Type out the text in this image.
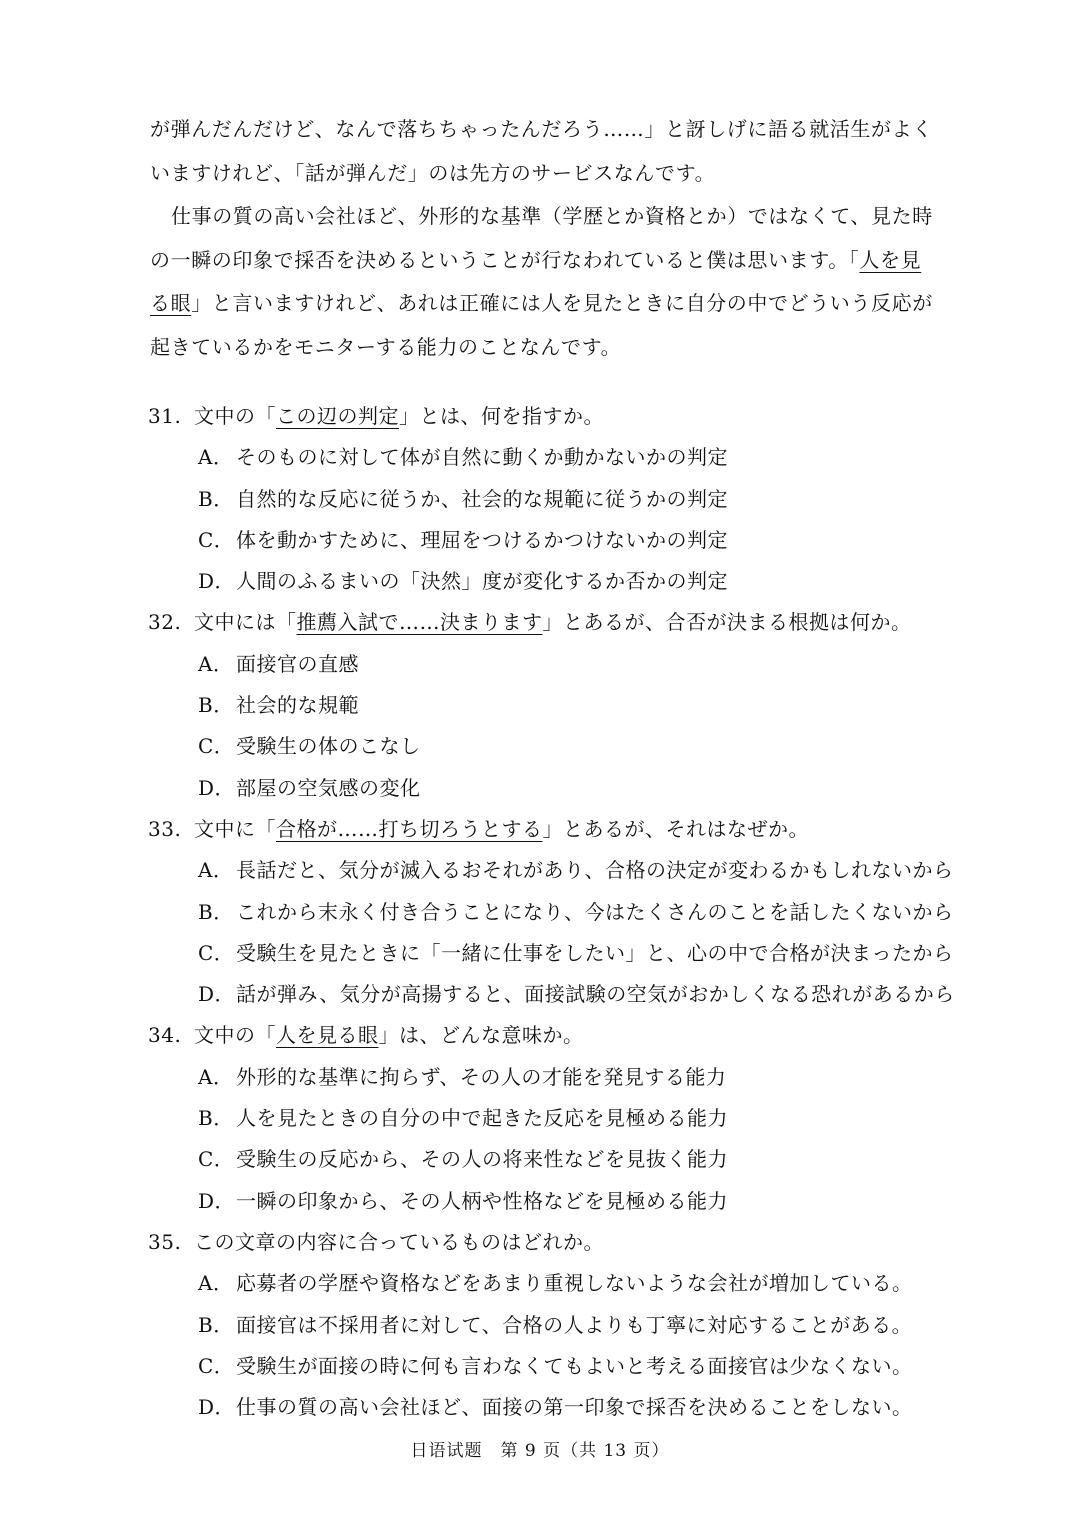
が弾んだんだけど、なんで落ちちゃったんだろう……」と訝しげに語る就活生がよく
いますけれど、「話が弾んだ」のは先方のサービスなんです。
仕事の質の高い会社ほど、外形的な基準（学歴とか資格とか）ではなくて、見た時
の一瞬の印象で採否を決めるということが行なわれていると僕は思います。「人を見
る眼」と言いますけれど、あれは正確には人を見たときに自分の中でどういう反応が
起きているかをモニターする能力のことなんです。
31. 文中の「この辺の判定」とは、何を指すか。
A． そのものに対して体が自然に動くか動かないかの判定
B． 自然的な反応に従うか、社会的な規範に従うかの判定
C．体を動かすために、理屈をつけるかつけないかの判定
D．人間のふるまいの「決然」度が変化するか否かの判定
32. 文中には「推薦入試で……決まります」とあるが、合否が決まる根拠は何か。
A． 面接官の直感
B． 社会的な規範
C．受験生の体のこなし
D．部屋の空気感の変化
33. 文中に「合格が……打ち切ろうとする」とあるが、それはなぜか。
A． 長話だと、気分が滅入るおそれがあり、合格の決定が変わるかもしれないから
B． これから末永く付き合うことになり、今はたくさんのことを話したくないから
C．受験生を見たときに「一緒に仕事をしたい」と、心の中で合格が決まったから
D．話が弾み、気分が高揚すると、面接試験の空気がおかしくなる恐れがあるから
34. 文中の「人を見る眼」は、どんな意味か。
A． 外形的な基準に拘らず、その人の才能を発見する能力
B． 人を見たときの自分の中で起きた反応を見極める能力
C．受験生の反応から、その人の将来性などを見抜く能力
D．一瞬の印象から、その人柄や性格などを見極める能力
35. この文章の内容に合っているものはどれか。
A． 応募者の学歴や資格などをあまり重視しないような会社が増加している。
B． 面接官は不採用者に対して、合格の人よりも丁寧に対応することがある。
C．受験生が面接の時に何も言わなくてもよいと考える面接官は少なくない。
D．仕事の質の高い会社ほど、面接の第一印象で採否を決めることをしない。
日语试题　第 9 页（共 13 页）
